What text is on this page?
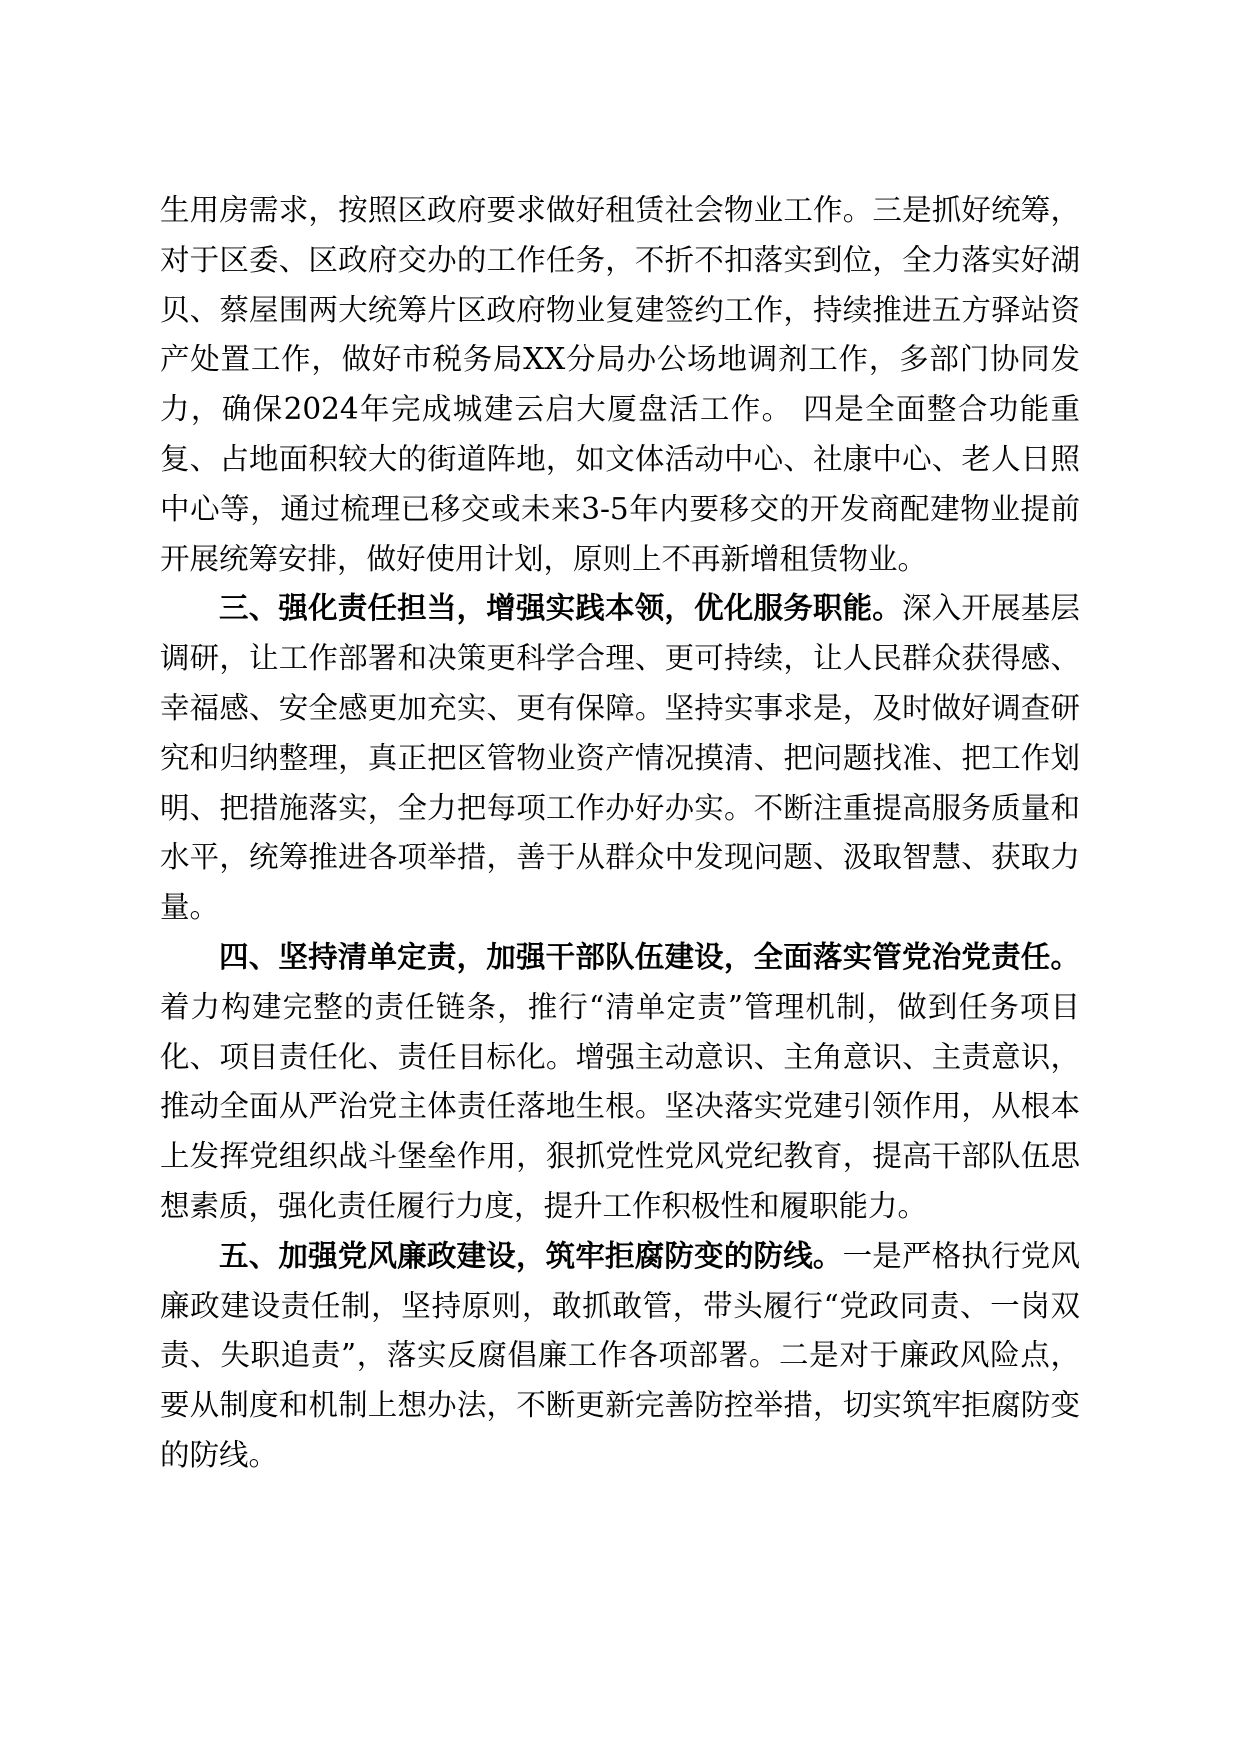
生用房需求，按照区政府要求做好租赁社会物业工作。三是抓好统筹，对于区委、区政府交办的工作任务，不折不扣落实到位，全力落实好湖贝、蔡屋围两大统筹片区政府物业复建签约工作，持续推进五方驿站资产处置工作，做好市税务局XX分局办公场地调剂工作，多部门协同发力，确保2024年完成城建云启大厦盘活工作。 四是全面整合功能重复、占地面积较大的街道阵地，如文体活动中心、社康中心、老人日照中心等，通过梳理已移交或未来3-5年内要移交的开发商配建物业提前开展统筹安排，做好使用计划，原则上不再新增租赁物业。

三、强化责任担当，增强实践本领，优化服务职能。深入开展基层调研，让工作部署和决策更科学合理、更可持续，让人民群众获得感、幸福感、安全感更加充实、更有保障。坚持实事求是，及时做好调查研究和归纳整理，真正把区管物业资产情况摸清、把问题找准、把工作划明、把措施落实，全力把每项工作办好办实。不断注重提高服务质量和水平，统筹推进各项举措，善于从群众中发现问题、汲取智慧、获取力量。

四、坚持清单定责，加强干部队伍建设，全面落实管党治党责任。着力构建完整的责任链条，推行“清单定责”管理机制，做到任务项目化、项目责任化、责任目标化。增强主动意识、主角意识、主责意识，推动全面从严治党主体责任落地生根。坚决落实党建引领作用，从根本上发挥党组织战斗堡垒作用，狠抓党性党风党纪教育，提高干部队伍思想素质，强化责任履行力度，提升工作积极性和履职能力。

五、加强党风廉政建设，筑牢拒腐防变的防线。一是严格执行党风廉政建设责任制，坚持原则，敢抓敢管，带头履行“党政同责、一岗双责、失职追责”，落实反腐倡廉工作各项部署。二是对于廉政风险点，要从制度和机制上想办法，不断更新完善防控举措，切实筑牢拒腐防变的防线。
